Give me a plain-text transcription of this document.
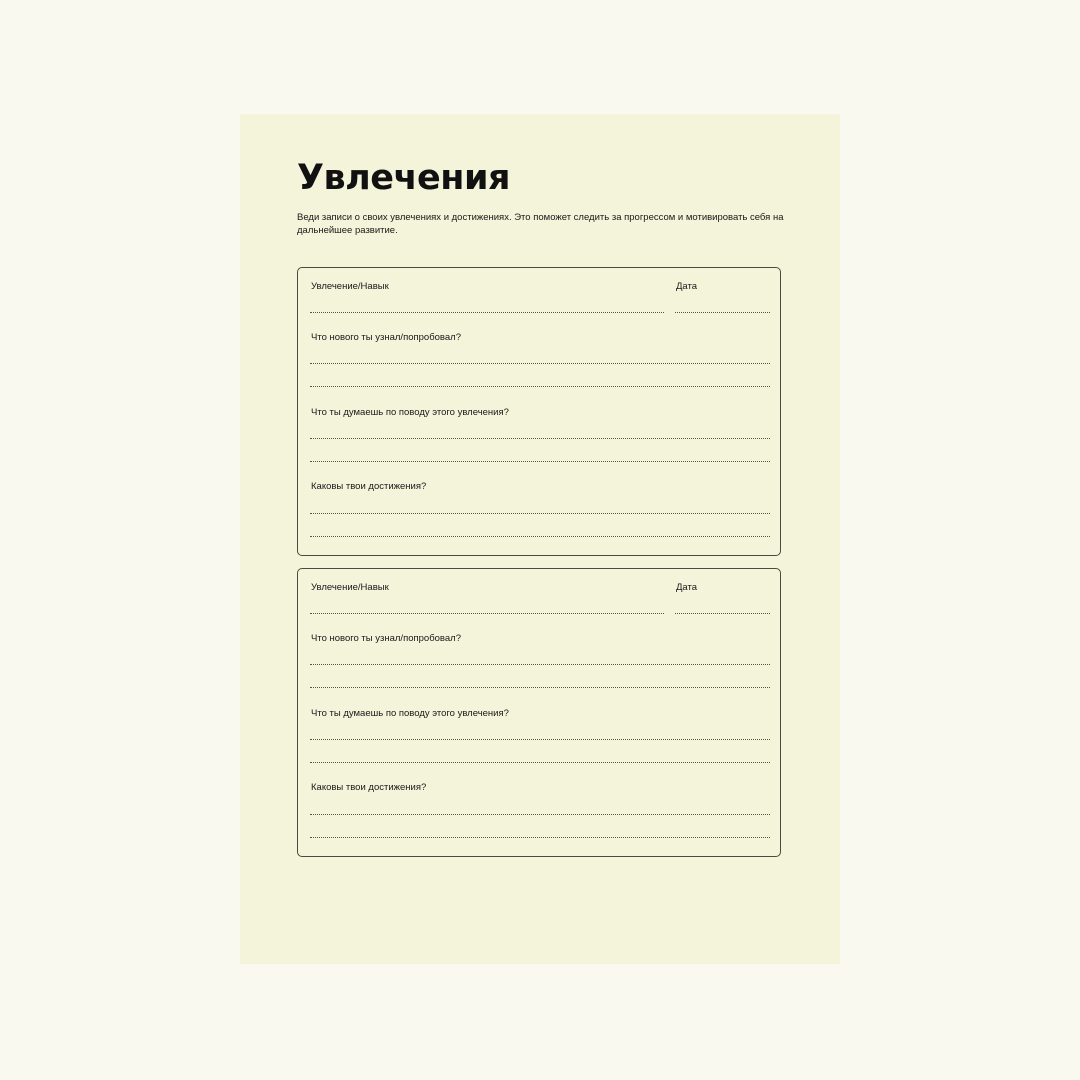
Увлечения

Веди записи о своих увлечениях и достижениях. Это поможет следить за прогрессом и мотивировать себя на дальнейшее развитие.

Увлечение/Навык	Дата
Что нового ты узнал/попробовал?
Что ты думаешь по поводу этого увлечения?
Каковы твои достижения?
Увлечение/Навык	Дата
Что нового ты узнал/попробовал?
Что ты думаешь по поводу этого увлечения?
Каковы твои достижения?
